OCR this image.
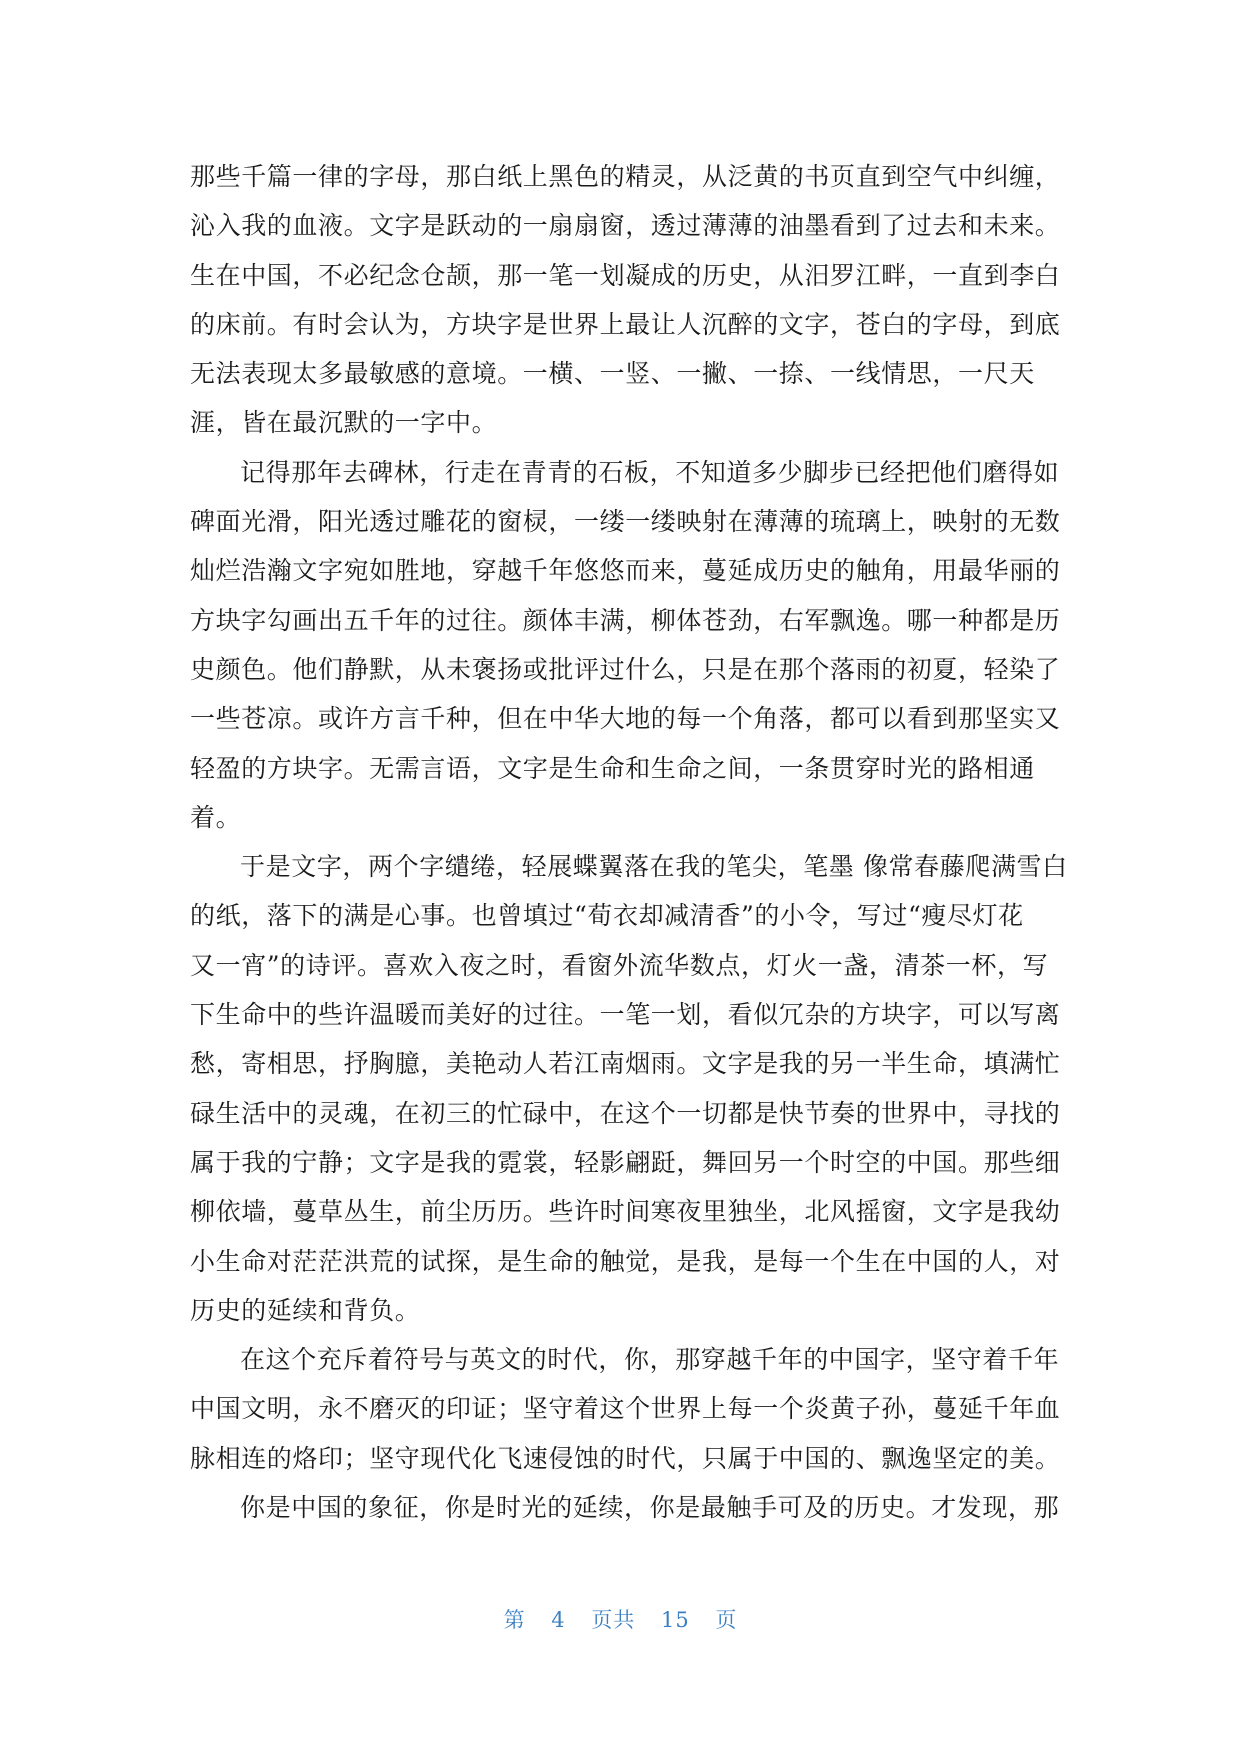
那些千篇一律的字母，那白纸上黑色的精灵，从泛黄的书页直到空气中纠缠，
沁入我的血液。文字是跃动的一扇扇窗，透过薄薄的油墨看到了过去和未来。
生在中国，不必纪念仓颉，那一笔一划凝成的历史，从汨罗江畔，一直到李白
的床前。有时会认为，方块字是世界上最让人沉醉的文字，苍白的字母，到底
无法表现太多最敏感的意境。一横、一竖、一撇、一捺、一线情思，一尺天
涯，皆在最沉默的一字中。
记得那年去碑林，行走在青青的石板，不知道多少脚步已经把他们磨得如
碑面光滑，阳光透过雕花的窗棂，一缕一缕映射在薄薄的琉璃上，映射的无数
灿烂浩瀚文字宛如胜地，穿越千年悠悠而来，蔓延成历史的触角，用最华丽的
方块字勾画出五千年的过往。颜体丰满，柳体苍劲，右军飘逸。哪一种都是历
史颜色。他们静默，从未褒扬或批评过什么，只是在那个落雨的初夏，轻染了
一些苍凉。或许方言千种，但在中华大地的每一个角落，都可以看到那坚实又
轻盈的方块字。无需言语，文字是生命和生命之间，一条贯穿时光的路相通
着。
于是文字，两个字缱绻，轻展蝶翼落在我的笔尖，笔墨 像常春藤爬满雪白
的纸，落下的满是心事。也曾填过“荀衣却减清香”的小令，写过“瘦尽灯花
又一宵”的诗评。喜欢入夜之时，看窗外流华数点，灯火一盏，清茶一杯，写
下生命中的些许温暖而美好的过往。一笔一划，看似冗杂的方块字，可以写离
愁，寄相思，抒胸臆，美艳动人若江南烟雨。文字是我的另一半生命，填满忙
碌生活中的灵魂，在初三的忙碌中，在这个一切都是快节奏的世界中，寻找的
属于我的宁静；文字是我的霓裳，轻影翩跹，舞回另一个时空的中国。那些细
柳依墙，蔓草丛生，前尘历历。些许时间寒夜里独坐，北风摇窗，文字是我幼
小生命对茫茫洪荒的试探，是生命的触觉，是我，是每一个生在中国的人，对
历史的延续和背负。
在这个充斥着符号与英文的时代，你，那穿越千年的中国字，坚守着千年
中国文明，永不磨灭的印证；坚守着这个世界上每一个炎黄子孙，蔓延千年血
脉相连的烙印；坚守现代化飞速侵蚀的时代，只属于中国的、飘逸坚定的美。
你是中国的象征，你是时光的延续，你是最触手可及的历史。才发现，那
第 4 页共 15 页
